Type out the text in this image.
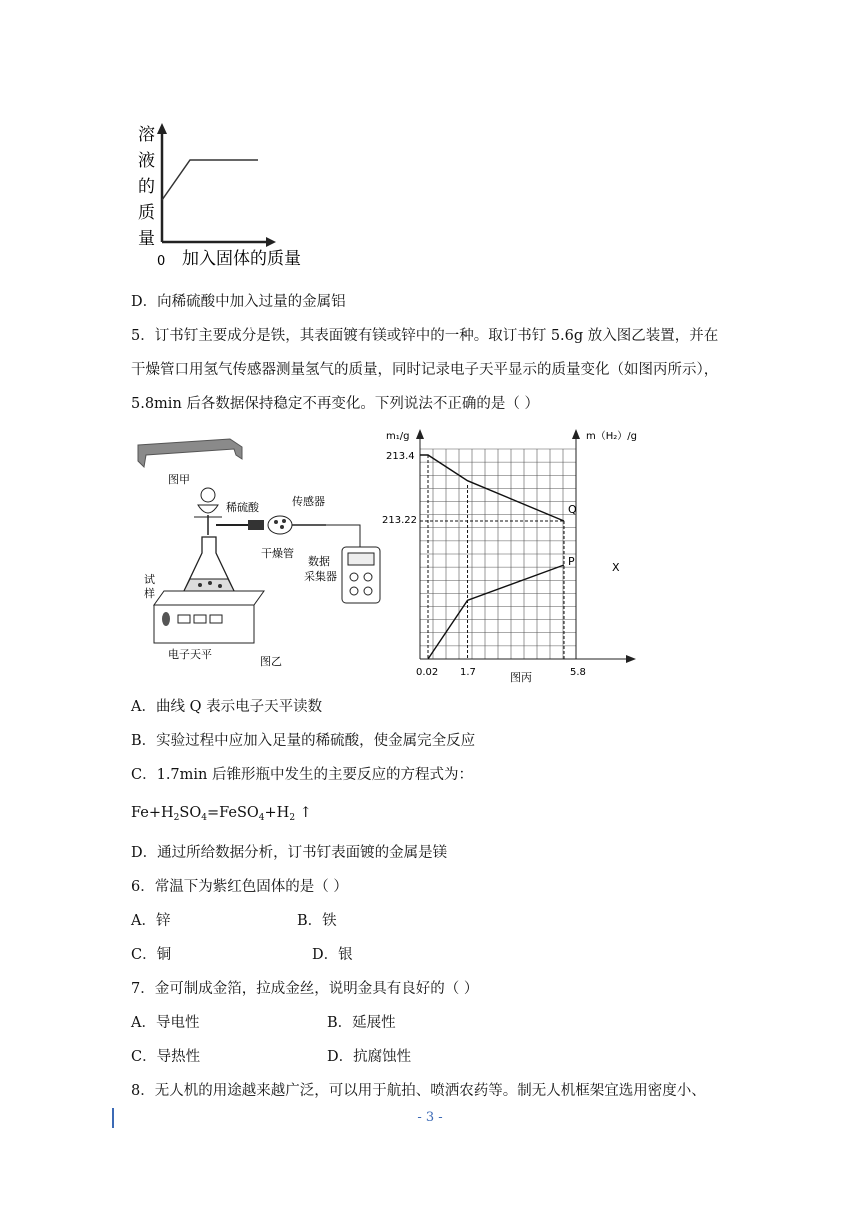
溶
液
的
质
量
0 加入固体的质量
D．向稀硫酸中加入过量的金属铝
5．订书钉主要成分是铁，其表面镀有镁或锌中的一种。取订书钉 5.6g 放入图乙装置，并在
干燥管口用氢气传感器测量氢气的质量，同时记录电子天平显示的质量变化（如图丙所示），
5.8min 后各数据保持稳定不再变化。下列说法不正确的是（ ）
图甲
稀硫酸	传感器
干燥管
数据
采集器
试
样
电子天平
图乙
m₁/g	m（H₂）/g
213.4
213.22
0.02 1.7	5.8
图丙
Q
P	X
A．曲线 Q 表示电子天平读数
B．实验过程中应加入足量的稀硫酸，使金属完全反应
C．1.7min 后锥形瓶中发生的主要反应的方程式为：
$Fe+H_2SO_4=FeSO_4+H_2$ ↑
D．通过所给数据分析，订书钉表面镀的金属是镁
6．常温下为紫红色固体的是（ ）
A．锌	B．铁
C．铜	D．银
7．金可制成金箔，拉成金丝，说明金具有良好的（ ）
A．导电性	B．延展性
C．导热性	D．抗腐蚀性
8．无人机的用途越来越广泛，可以用于航拍、喷洒农药等。制无人机框架宜选用密度小、
- 3 -
